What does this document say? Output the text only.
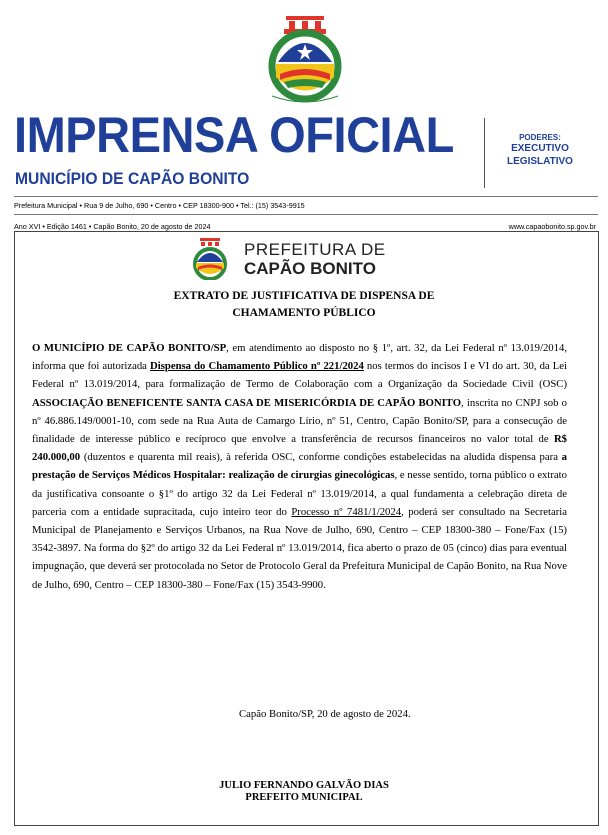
IMPRENSA OFICIAL
MUNICÍPIO DE CAPÃO BONITO
PODERES:
EXECUTIVO
LEGISLATIVO
Prefeitura Municipal • Rua 9 de Julho, 690 • Centro • CEP 18300-900 • Tel.: (15) 3543-9915
Ano XVI • Edição 1461 • Capão Bonito, 20 de agosto de 2024	www.capaobonito.sp.gov.br
PREFEITURA DE
CAPÃO BONITO
EXTRATO DE JUSTIFICATIVA DE DISPENSA DE
CHAMAMENTO PÚBLICO
O MUNICÍPIO DE CAPÃO BONITO/SP, em atendimento ao disposto no § 1º, art. 32, da Lei Federal nº 13.019/2014, informa que foi autorizada Dispensa do Chamamento Público nº 221/2024 nos termos do incisos I e VI do art. 30, da Lei Federal nº 13.019/2014, para formalização de Termo de Colaboração com a Organização da Sociedade Civil (OSC) ASSOCIAÇÃO BENEFICENTE SANTA CASA DE MISERICÓRDIA DE CAPÃO BONITO, inscrita no CNPJ sob o nº 46.886.149/0001-10, com sede na Rua Auta de Camargo Lírio, nº 51, Centro, Capão Bonito/SP, para a consecução de finalidade de interesse público e recíproco que envolve a transferência de recursos financeiros no valor total de R$ 240.000,00 (duzentos e quarenta mil reais), à referida OSC, conforme condições estabelecidas na aludida dispensa para a prestação de Serviços Médicos Hospitalar: realização de cirurgias ginecológicas, e nesse sentido, torna público o extrato da justificativa consoante o §1º do artigo 32 da Lei Federal nº 13.019/2014, a qual fundamenta a celebração direta de parceria com a entidade supracitada, cujo inteiro teor do Processo nº 7481/1/2024, poderá ser consultado na Secretaria Municipal de Planejamento e Serviços Urbanos, na Rua Nove de Julho, 690, Centro – CEP 18300-380 – Fone/Fax (15) 3542-3897. Na forma do §2º do artigo 32 da Lei Federal nº 13.019/2014, fica aberto o prazo de 05 (cinco) dias para eventual impugnação, que deverá ser protocolada no Setor de Protocolo Geral da Prefeitura Municipal de Capão Bonito, na Rua Nove de Julho, 690, Centro – CEP 18300-380 – Fone/Fax (15) 3543-9900.
Capão Bonito/SP, 20 de agosto de 2024.
JULIO FERNANDO GALVÃO DIAS
PREFEITO MUNICIPAL
